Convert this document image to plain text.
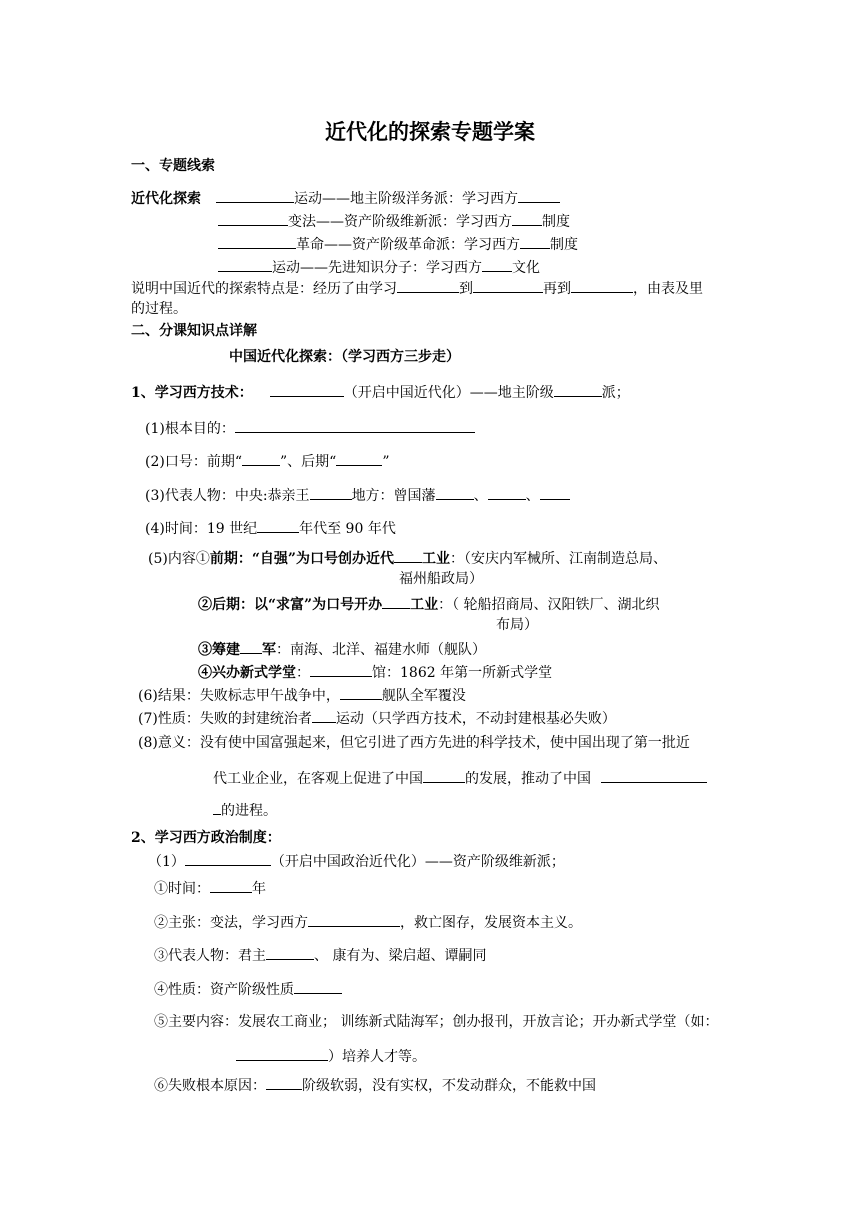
近代化的探索专题学案
一、专题线索
近代化探索	运动——地主阶级洋务派：学习西方
变法——资产阶级维新派：学习西方 制度
革命——资产阶级革命派：学习西方 制度
运动——先进知识分子：学习西方 文化
说明中国近代的探索特点是：经历了由学习	到	再到	，由表及里
的过程。
二、分课知识点详解
中国近代化探索：（学习西方三步走）
1、学习西方技术：	（开启中国近代化）——地主阶级	派；
(1)根本目的：
(2)口号：前期“	”、后期“	”
(3)代表人物：中央:恭亲王	地方：曾国藩	、	、
(4)时间：19 世纪	年代至 90 年代
(5)内容①前期：“自强”为口号创办近代 工业：（安庆内军械所、江南制造总局、
福州船政局）
②后期：以“求富”为口号开办 工业：（ 轮船招商局、汉阳铁厂、湖北织
布局）
③筹建 军：南海、北洋、福建水师（舰队）
④兴办新式学堂：	馆：1862 年第一所新式学堂
(6)结果：失败标志甲午战争中，	舰队全军覆没
(7)性质：失败的封建统治者 运动（只学西方技术，不动封建根基必失败）
(8)意义：没有使中国富强起来，但它引进了西方先进的科学技术，使中国出现了第一批近
代工业企业，在客观上促进了中国	的发展，推动了中国
的进程。
2、学习西方政治制度：
（1）	（开启中国政治近代化）——资产阶级维新派；
①时间：	年
②主张：变法，学习西方	，救亡图存，发展资本主义。
③代表人物：君主	、 康有为、梁启超、谭嗣同
④性质：资产阶级性质
⑤主要内容：发展农工商业； 训练新式陆海军；创办报刊，开放言论；开办新式学堂（如：
）培养人才等。
⑥失败根本原因：	阶级软弱，没有实权，不发动群众，不能救中国
